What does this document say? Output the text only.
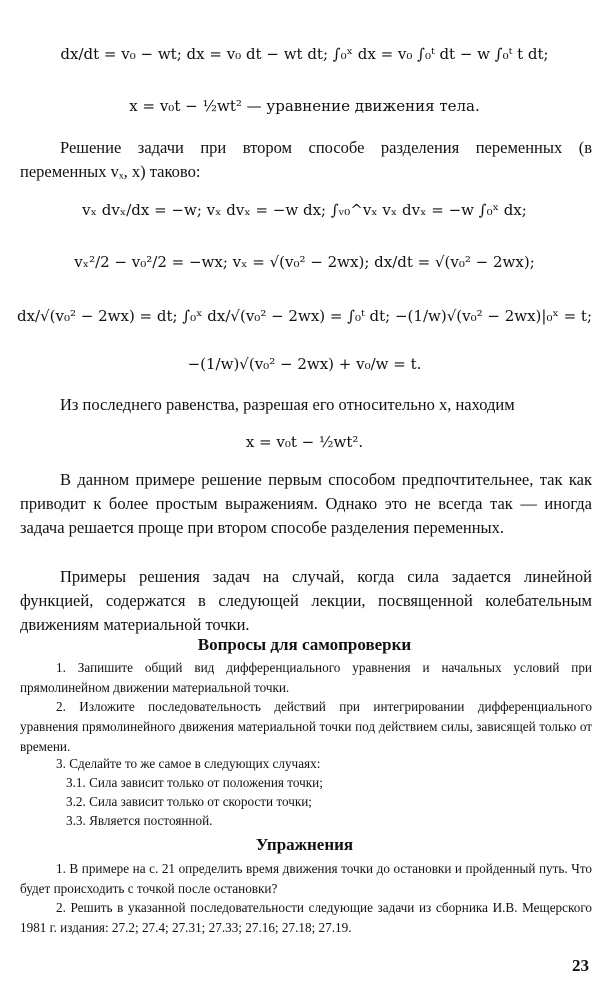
dx/dt = v₀ − wt; dx = v₀ dt − wt dt; ∫₀ˣ dx = v₀ ∫₀ᵗ dt − w ∫₀ᵗ t dt;
x = v₀t − ½wt² — уравнение движения тела.
Решение задачи при втором способе разделения переменных (в переменных vₓ, x) таково:
vₓ dvₓ/dx = −w; vₓ dvₓ = −w dx; ∫ᵥ₀^vₓ vₓ dvₓ = −w ∫₀ˣ dx;
vₓ²/2 − v₀²/2 = −wx; vₓ = √(v₀² − 2wx); dx/dt = √(v₀² − 2wx);
dx/√(v₀² − 2wx) = dt; ∫₀ˣ dx/√(v₀² − 2wx) = ∫₀ᵗ dt; −(1/w)√(v₀² − 2wx)|₀ˣ = t;
−(1/w)√(v₀² − 2wx) + v₀/w = t.
Из последнего равенства, разрешая его относительно x, находим
x = v₀t − ½wt².
В данном примере решение первым способом предпочтительнее, так как приводит к более простым выражениям. Однако это не всегда так — иногда задача решается проще при втором способе разделения переменных.
Примеры решения задач на случай, когда сила задается линейной функцией, содержатся в следующей лекции, посвященной колебательным движениям материальной точки.
Вопросы для самопроверки
1. Запишите общий вид дифференциального уравнения и начальных условий при прямолинейном движении материальной точки.
2. Изложите последовательность действий при интегрировании дифференциального уравнения прямолинейного движения материальной точки под действием силы, зависящей только от времени.
3. Сделайте то же самое в следующих случаях:
3.1. Сила зависит только от положения точки;
3.2. Сила зависит только от скорости точки;
3.3. Является постоянной.
Упражнения
1. В примере на с. 21 определить время движения точки до остановки и пройденный путь. Что будет происходить с точкой после остановки?
2. Решить в указанной последовательности следующие задачи из сборника И.В. Мещерского 1981 г. издания: 27.2; 27.4; 27.31; 27.33; 27.16; 27.18; 27.19.
23
